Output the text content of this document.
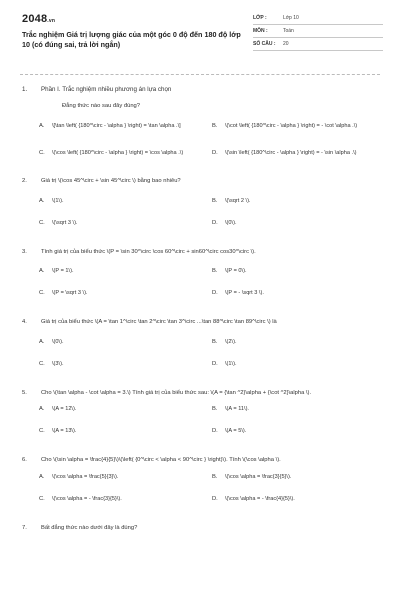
2048.vn
Trắc nghiệm Giá trị lượng giác của một góc 0 độ đến 180 độ lớp 10 (có đúng sai, trả lời ngắn)
LỚP :	Lớp 10
MÔN :	Toán
SỐ CÂU :	20
1.	Phần I. Trắc nghiệm nhiều phương án lựa chọn
Đẳng thức nào sau đây đúng?
A.	\[\tan \left( {180^\circ - \alpha } \right) = \tan \alpha .\]	B.	\(\cot \left( {180^\circ - \alpha } \right) = - \cot \alpha .\)
C.	\(\cos \left( {180^\circ - \alpha } \right) = \cos \alpha .\)	D.	\(\sin \left( {180^\circ - \alpha } \right) = - \sin \alpha .\)
2.	Giá trị \(\cos 45^\circ + \sin 45^\circ \) bằng bao nhiêu?
A.	\(1\).	B.	\(\sqrt 2 \).
C.	\(\sqrt 3 \).	D.	\(0\).
3.	Tính giá trị của biểu thức \(P = \sin 30^\circ \cos 60^\circ + sin60^\circ cos30^\circ \).
A.	\(P = 1\).	B.	\(P = 0\).
C.	\(P = \sqrt 3 \).	D.	\(P = - \sqrt 3 \).
4.	Giá trị của biểu thức \(A = \tan 1^\circ \tan 2^\circ \tan 3^\circ ...\tan 88^\circ \tan 89^\circ \) là
A.	\(0\).	B.	\(2\).
C.	\(3\).	D.	\(1\).
5.	Cho \(\tan \alpha - \cot \alpha = 3.\) Tính giá trị của biểu thức sau: \(A = {\tan ^2}\alpha + {\cot ^2}\alpha \).
A.	\(A = 12\).	B.	\(A = 11\).
C.	\(A = 13\).	D.	\(A = 5\).
6.	Cho \(\sin \alpha = \frac{4}{5}\)\(\left( {0^\circ < \alpha < 90^\circ } \right)\). Tính \(\cos \alpha \).
A.	\(\cos \alpha = \frac{5}{3}\).	B.	\(\cos \alpha = \frac{3}{5}\).
C.	\(\cos \alpha = - \frac{3}{5}\).	D.	\(\cos \alpha = - \frac{4}{5}\).
7.	Bất đẳng thức nào dưới đây là đúng?
